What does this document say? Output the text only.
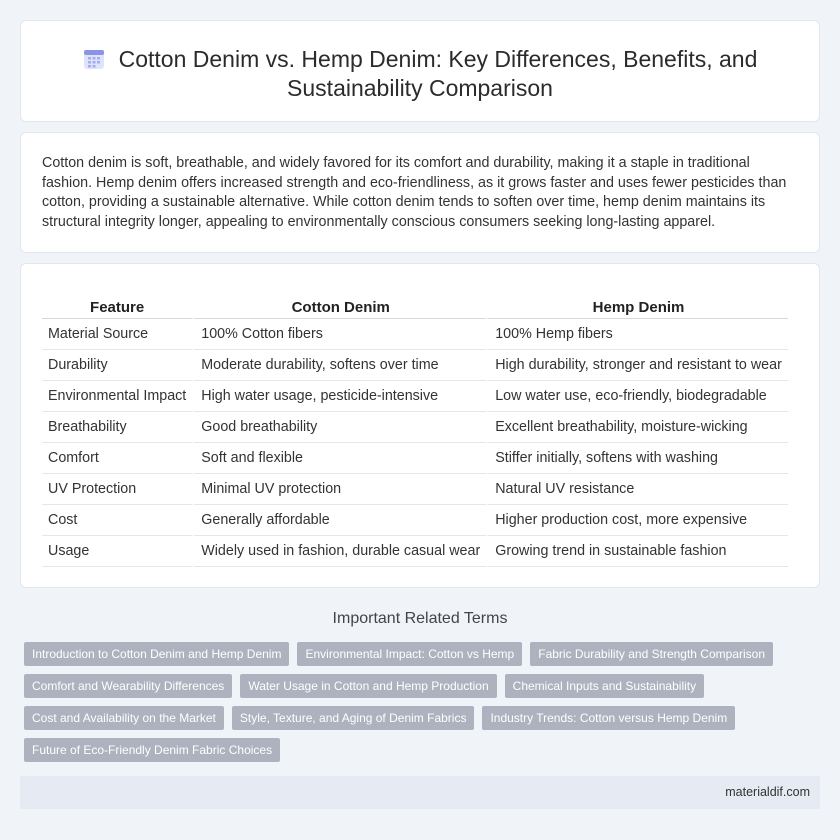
Cotton Denim vs. Hemp Denim: Key Differences, Benefits, and Sustainability Comparison

Cotton denim is soft, breathable, and widely favored for its comfort and durability, making it a staple in traditional fashion. Hemp denim offers increased strength and eco-friendliness, as it grows faster and uses fewer pesticides than cotton, providing a sustainable alternative. While cotton denim tends to soften over time, hemp denim maintains its structural integrity longer, appealing to environmentally conscious consumers seeking long-lasting apparel.

Feature	Cotton Denim	Hemp Denim
Material Source	100% Cotton fibers	100% Hemp fibers
Durability	Moderate durability, softens over time	High durability, stronger and resistant to wear
Environmental Impact	High water usage, pesticide-intensive	Low water use, eco-friendly, biodegradable
Breathability	Good breathability	Excellent breathability, moisture-wicking
Comfort	Soft and flexible	Stiffer initially, softens with washing
UV Protection	Minimal UV protection	Natural UV resistance
Cost	Generally affordable	Higher production cost, more expensive
Usage	Widely used in fashion, durable casual wear	Growing trend in sustainable fashion
Important Related Terms
Introduction to Cotton Denim and Hemp Denim	Environmental Impact: Cotton vs Hemp	Fabric Durability and Strength Comparison
Comfort and Wearability Differences	Water Usage in Cotton and Hemp Production	Chemical Inputs and Sustainability
Cost and Availability on the Market	Style, Texture, and Aging of Denim Fabrics	Industry Trends: Cotton versus Hemp Denim
Future of Eco-Friendly Denim Fabric Choices
materialdif.com
